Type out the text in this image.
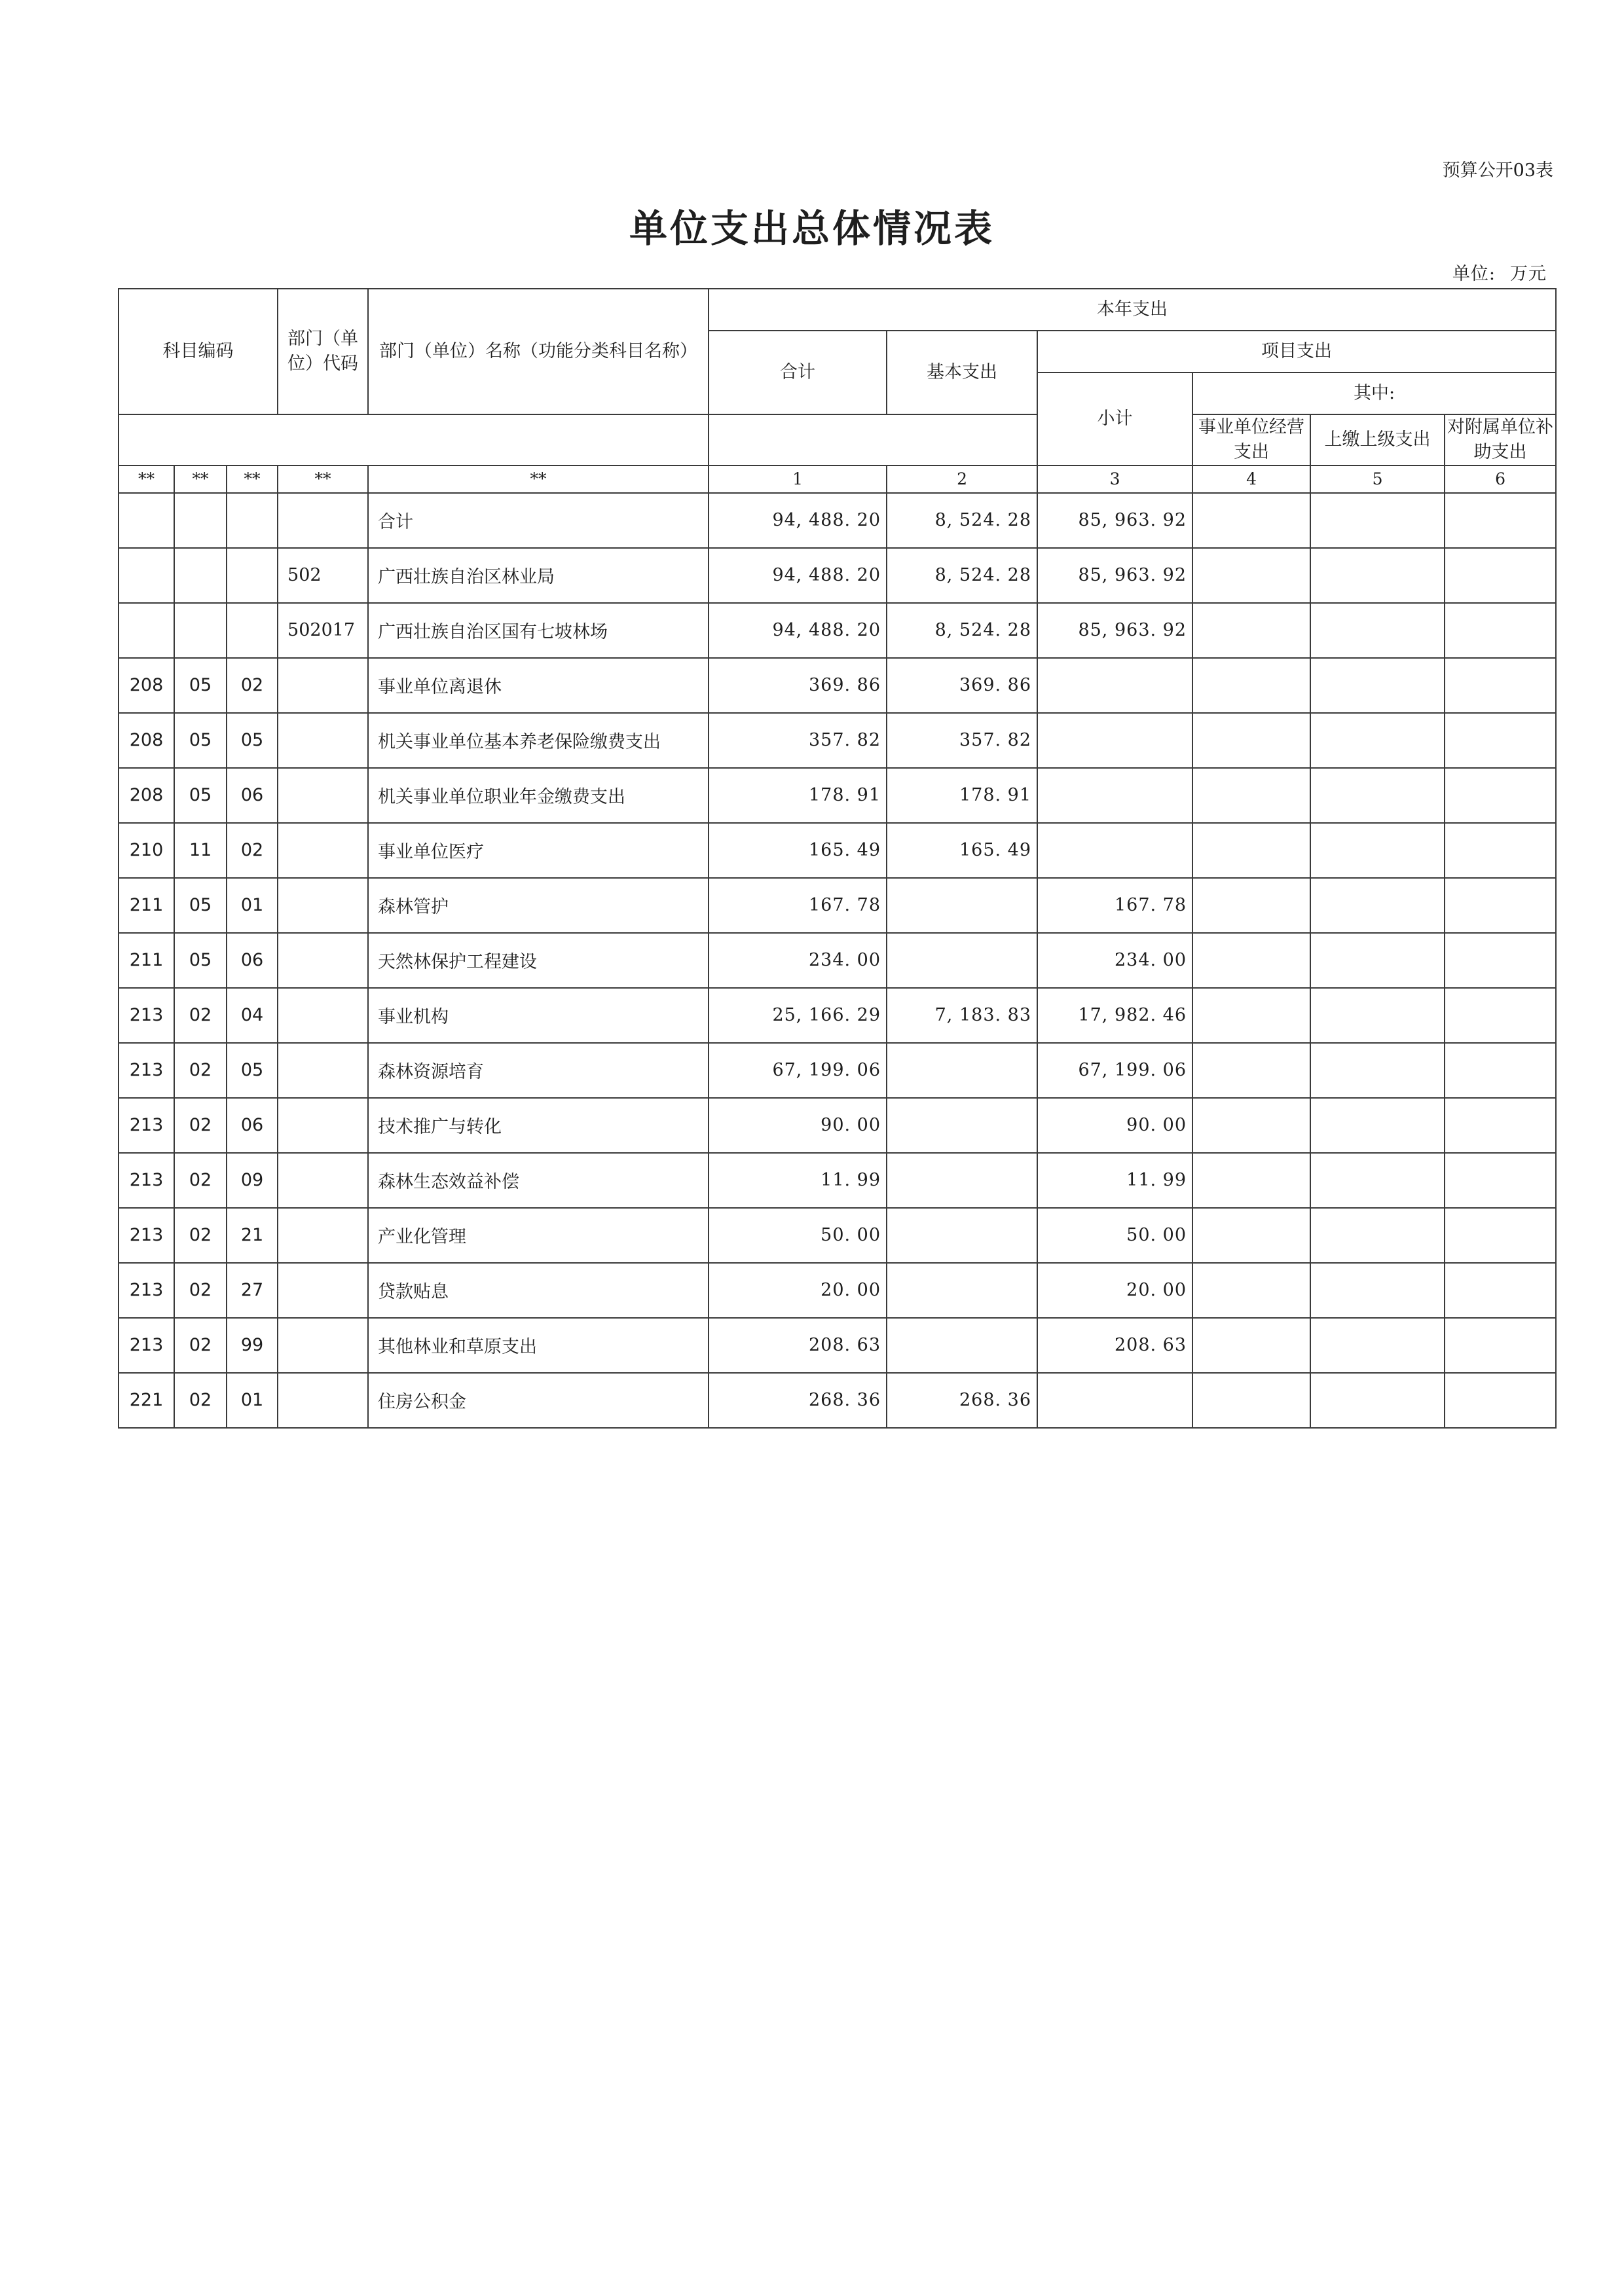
预算公开03表
单位支出总体情况表
单位: 万元
科目编码			部门（单位）代码	部门（单位）名称（功能分类科目名称）	本年支出					
					合计	基本支出	项目支出			
							小计	其中:		
								事业单位经营支出	上缴上级支出	对附属单位补助支出
**	**	**	**	**	1	2	3	4	5	6
				合计	94, 488. 20	8, 524. 28	85, 963. 92			
			502	广西壮族自治区林业局	94, 488. 20	8, 524. 28	85, 963. 92			
			502017	广西壮族自治区国有七坡林场	94, 488. 20	8, 524. 28	85, 963. 92			
208	05	02		事业单位离退休	369. 86	369. 86				
208	05	05		机关事业单位基本养老保险缴费支出	357. 82	357. 82				
208	05	06		机关事业单位职业年金缴费支出	178. 91	178. 91				
210	11	02		事业单位医疗	165. 49	165. 49				
211	05	01		森林管护	167. 78		167. 78			
211	05	06		天然林保护工程建设	234. 00		234. 00			
213	02	04		事业机构	25, 166. 29	7, 183. 83	17, 982. 46			
213	02	05		森林资源培育	67, 199. 06		67, 199. 06			
213	02	06		技术推广与转化	90. 00		90. 00			
213	02	09		森林生态效益补偿	11. 99		11. 99			
213	02	21		产业化管理	50. 00		50. 00			
213	02	27		贷款贴息	20. 00		20. 00			
213	02	99		其他林业和草原支出	208. 63		208. 63			
221	02	01		住房公积金	268. 36	268. 36				
